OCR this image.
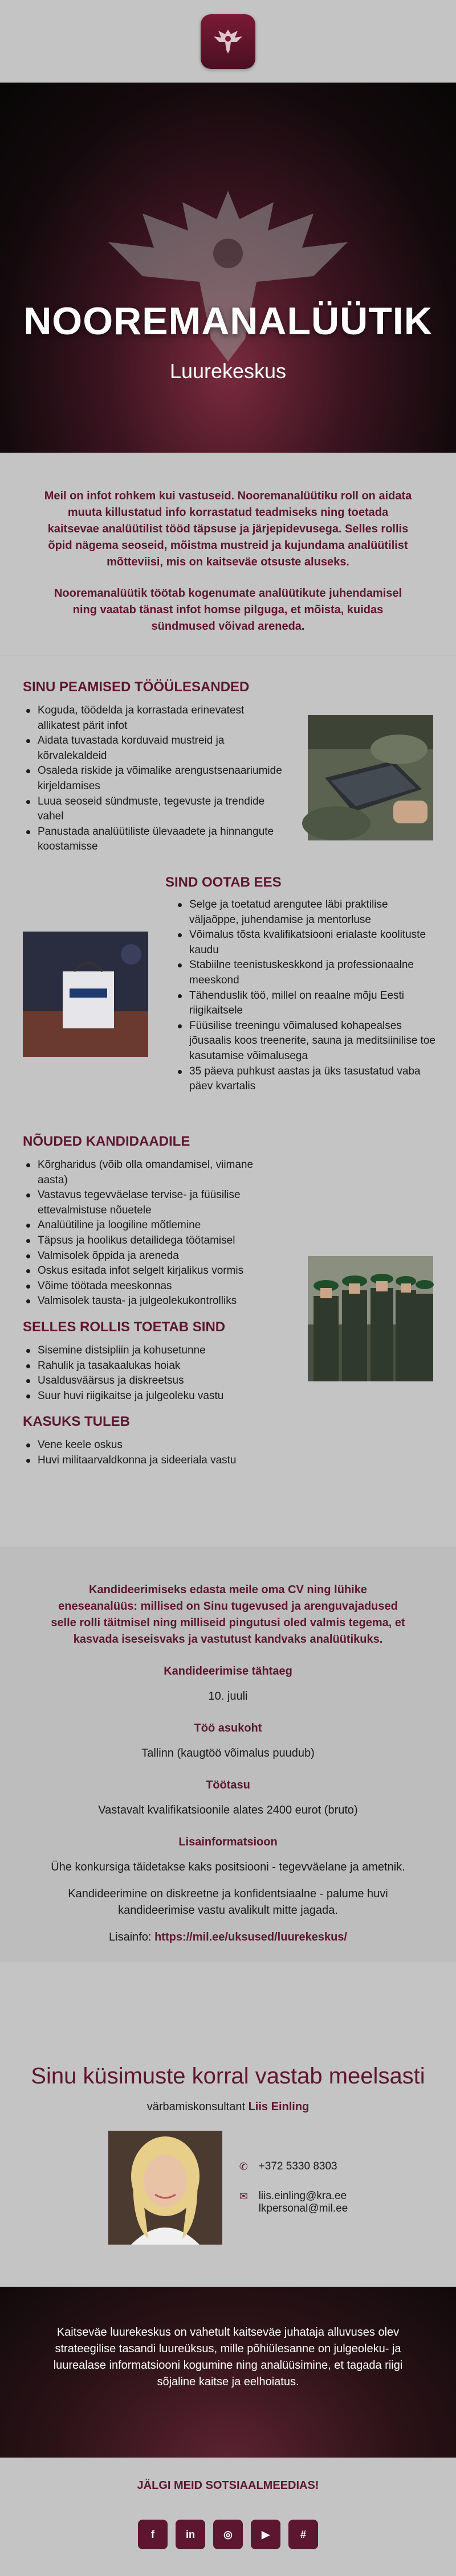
NOOREMANALÜÜTIK
Luurekeskus

Meil on infot rohkem kui vastuseid. Nooremanalüütiku roll on aidata muuta killustatud info korrastatud teadmiseks ning toetada kaitsevae analüütilist tööd täpsuse ja järjepidevusega. Selles rollis õpid nägema seoseid, mõistma mustreid ja kujundama analüütilist mõtteviisi, mis on kaitseväe otsuste aluseks.

Nooremanalüütik töötab kogenumate analüütikute juhendamisel ning vaatab tänast infot homse pilguga, et mõista, kuidas sündmused võivad areneda.

SINU PEAMISED TÖÖÜLESANDED
Koguda, töödelda ja korrastada erinevatest allikatest pärit infot
Aidata tuvastada korduvaid mustreid ja kõrvalekaldeid
Osaleda riskide ja võimalike arengustsenaariumide kirjeldamises
Luua seoseid sündmuste, tegevuste ja trendide vahel
Panustada analüütiliste ülevaadete ja hinnangute koostamisse
SIND OOTAB EES
Selge ja toetatud arengutee läbi praktilise väljaõppe, juhendamise ja mentorluse
Võimalus tõsta kvalifikatsiooni erialaste koolituste kaudu
Stabiilne teenistuskeskkond ja professionaalne meeskond
Tähenduslik töö, millel on reaalne mõju Eesti riigikaitsele
Füüsilise treeningu võimalused kohapealses jõusaalis koos treenerite, sauna ja meditsiinilise toe kasutamise võimalusega
35 päeva puhkust aastas ja üks tasustatud vaba päev kvartalis
NÕUDED KANDIDAADILE
Kõrgharidus (võib olla omandamisel, viimane aasta)
Vastavus tegevväelase tervise- ja füüsilise ettevalmistuse nõuetele
Analüütiline ja loogiline mõtlemine
Täpsus ja hoolikus detailidega töötamisel
Valmisolek õppida ja areneda
Oskus esitada infot selgelt kirjalikus vormis
Võime töötada meeskonnas
Valmisolek tausta- ja julgeolekukontrolliks
SELLES ROLLIS TOETAB SIND
Sisemine distsipliin ja kohusetunne
Rahulik ja tasakaalukas hoiak
Usaldusväärsus ja diskreetsus
Suur huvi riigikaitse ja julgeoleku vastu
KASUKS TULEB
Vene keele oskus
Huvi militaarvaldkonna ja sideeriala vastu

Kandideerimiseks edasta meile oma CV ning lühike eneseanalüüs: millised on Sinu tugevused ja arenguvajadused selle rolli täitmisel ning milliseid pingutusi oled valmis tegema, et kasvada iseseisvaks ja vastutust kandvaks analüütikuks.

Kandideerimise tähtaeg
10. juuli
Töö asukoht
Tallinn (kaugtöö võimalus puudub)
Töötasu
Vastavalt kvalifikatsioonile alates 2400 eurot (bruto)
Lisainformatsioon
Ühe konkursiga täidetakse kaks positsiooni - tegevväelane ja ametnik.
Kandideerimine on diskreetne ja konfidentsiaalne - palume huvi kandideerimise vastu avalikult mitte jagada.
Lisainfo: https://mil.ee/uksused/luurekeskus/
Sinu küsimuste korral vastab meelsasti
värbamiskonsultant Liis Einling
✆ +372 5330 8303
✉ liis.einling@kra.ee
lkpersonal@mil.ee

Kaitseväe luurekeskus on vahetult kaitseväe juhataja alluvuses olev strateegilise tasandi luureüksus, mille põhiülesanne on julgeoleku- ja luurealase informatsiooni kogumine ning analüüsimine, et tagada riigi sõjaline kaitse ja eelhoiatus.

JÄLGI MEID SOTSIAALMEEDIAS!
f	in	◎	▶	#
